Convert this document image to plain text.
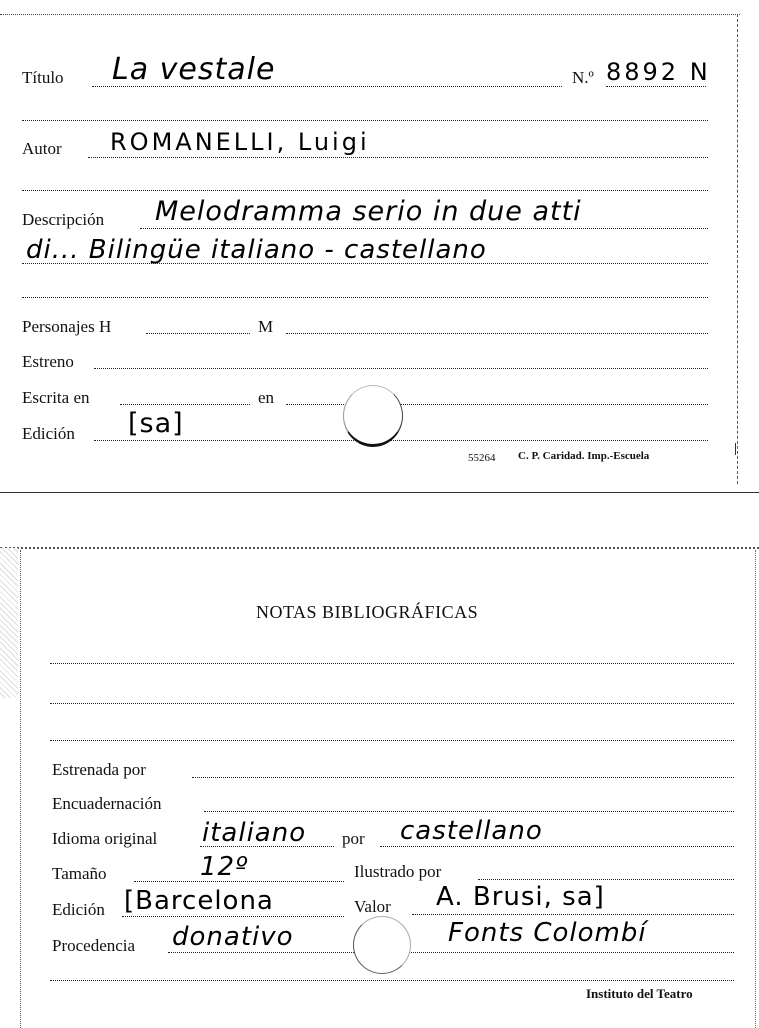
Título La vestale	N.º 8892 N
Autor ROMANELLI, Luigi
Descripción Melodramma serio in due atti
di... Bilingüe italiano - castellano
Personajes H	M
Estreno
Escrita en	en
Edición [sa]
55264 C. P. Caridad. Imp.-Escuela
NOTAS BIBLIOGRÁFICAS
Estrenada por
Encuadernación
Idioma original italiano por castellano
Tamaño	12º	Ilustrado por
Edición [Barcelona	Valor A. Brusi, sa]
Procedencia donativo	Fonts Colombí
Instituto del Teatro
